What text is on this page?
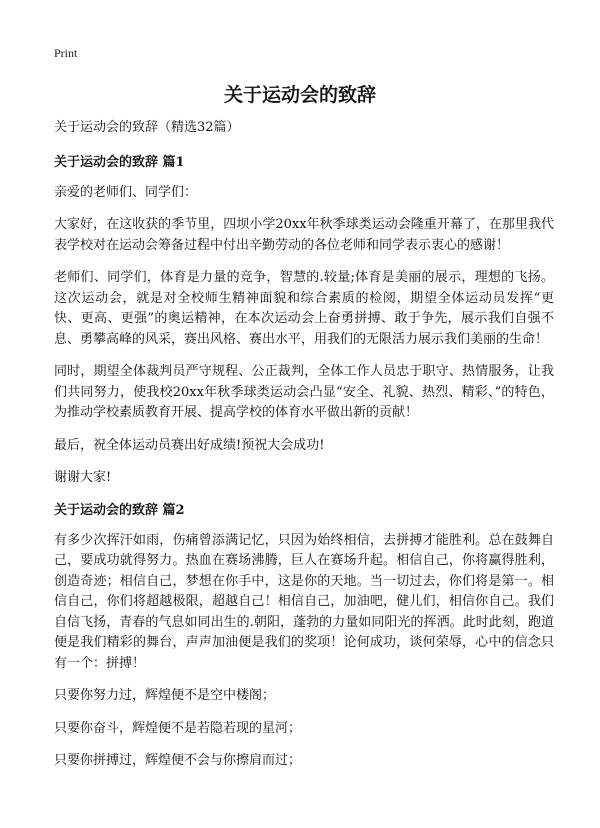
Print
关于运动会的致辞

关于运动会的致辞（精选32篇）

关于运动会的致辞 篇1

亲爱的老师们、同学们：

大家好，在这收获的季节里，四坝小学20xx年秋季球类运动会隆重开幕了，在那里我代表学校对在运动会筹备过程中付出辛勤劳动的各位老师和同学表示衷心的感谢！

老师们、同学们，体育是力量的竞争，智慧的.较量;体育是美丽的展示，理想的飞扬。这次运动会，就是对全校师生精神面貌和综合素质的检阅，期望全体运动员发挥“更快、更高、更强”的奥运精神，在本次运动会上奋勇拼搏、敢于争先，展示我们自强不息、勇攀高峰的风采，赛出风格、赛出水平，用我们的无限活力展示我们美丽的生命！

同时，期望全体裁判员严守规程、公正裁判，全体工作人员忠于职守、热情服务，让我们共同努力，使我校20xx年秋季球类运动会凸显“安全、礼貌、热烈、精彩、”的特色，为推动学校素质教育开展、提高学校的体育水平做出新的贡献！

最后，祝全体运动员赛出好成绩!预祝大会成功!

谢谢大家!

关于运动会的致辞 篇2

有多少次挥汗如雨，伤痛曾添满记忆，只因为始终相信，去拼搏才能胜利。总在鼓舞自己，要成功就得努力。热血在赛场沸腾，巨人在赛场升起。相信自己，你将赢得胜利，创造奇迹；相信自己，梦想在你手中，这是你的天地。当一切过去，你们将是第一。相信自己，你们将超越极限，超越自己！相信自己，加油吧，健儿们，相信你自己。我们自信飞扬，青春的气息如同出生的.朝阳，蓬勃的力量如同阳光的挥洒。此时此刻，跑道便是我们精彩的舞台，声声加油便是我们的奖项！论何成功，谈何荣辱，心中的信念只有一个：拼搏！

只要你努力过，辉煌便不是空中楼阁；

只要你奋斗，辉煌便不是若隐若现的星河；

只要你拼搏过，辉煌便不会与你擦肩而过；
